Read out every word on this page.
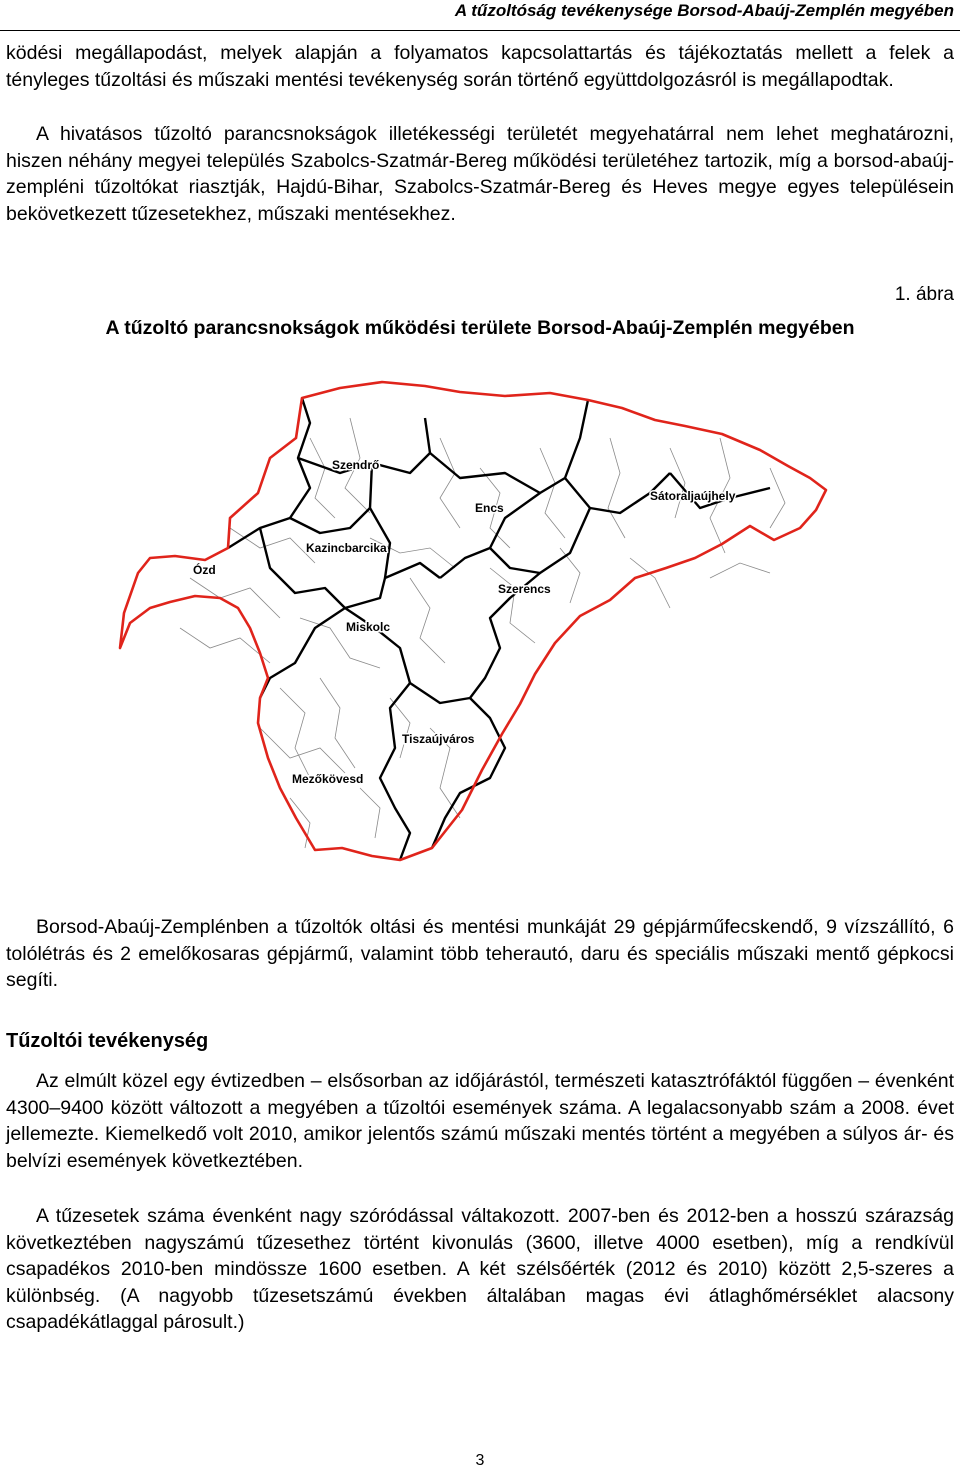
A tűzoltóság tevékenysége Borsod-Abaúj-Zemplén megyében

ködési megállapodást, melyek alapján a folyamatos kapcsolattartás és tájékoztatás mellett a felek a tényleges tűzoltási és műszaki mentési tevékenység során történő együttdolgozásról is megállapodtak.

A hivatásos tűzoltó parancsnokságok illetékességi területét megyehatárral nem lehet meghatározni, hiszen néhány megyei település Szabolcs-Szatmár-Bereg működési területéhez tartozik, míg a borsod-abaúj-zempléni tűzoltókat riasztják, Hajdú-Bihar, Szabolcs-Szatmár-Bereg és Heves megye egyes településein bekövetkezett tűzesetekhez, műszaki mentésekhez.

1. ábra
A tűzoltó parancsnokságok működési területe Borsod-Abaúj-Zemplén megyében
Szendrő
Encs
Sátoraljaújhely
Kazincbarcika
Ózd
Szerencs
Miskolc
Tiszaújváros
Mezőkövesd

Borsod-Abaúj-Zemplénben a tűzoltók oltási és mentési munkáját 29 gépjárműfecskendő, 9 vízszállító, 6 tolólétrás és 2 emelőkosaras gépjármű, valamint több teherautó, daru és speciális műszaki mentő gépkocsi segíti.

Tűzoltói tevékenység

Az elmúlt közel egy évtizedben – elsősorban az időjárástól, természeti katasztrófáktól függően – évenként 4300–9400 között változott a megyében a tűzoltói események száma. A legalacsonyabb szám a 2008. évet jellemezte. Kiemelkedő volt 2010, amikor jelentős számú műszaki mentés történt a megyében a súlyos ár- és belvízi események következtében.

A tűzesetek száma évenként nagy szóródással váltakozott. 2007-ben és 2012-ben a hosszú szárazság következtében nagyszámú tűzesethez történt kivonulás (3600, illetve 4000 esetben), míg a rendkívül csapadékos 2010-ben mindössze 1600 esetben. A két szélsőérték (2012 és 2010) között 2,5-szeres a különbség. (A nagyobb tűzesetszámú években általában magas évi átlaghőmérséklet alacsony csapadékátlaggal párosult.)

3
